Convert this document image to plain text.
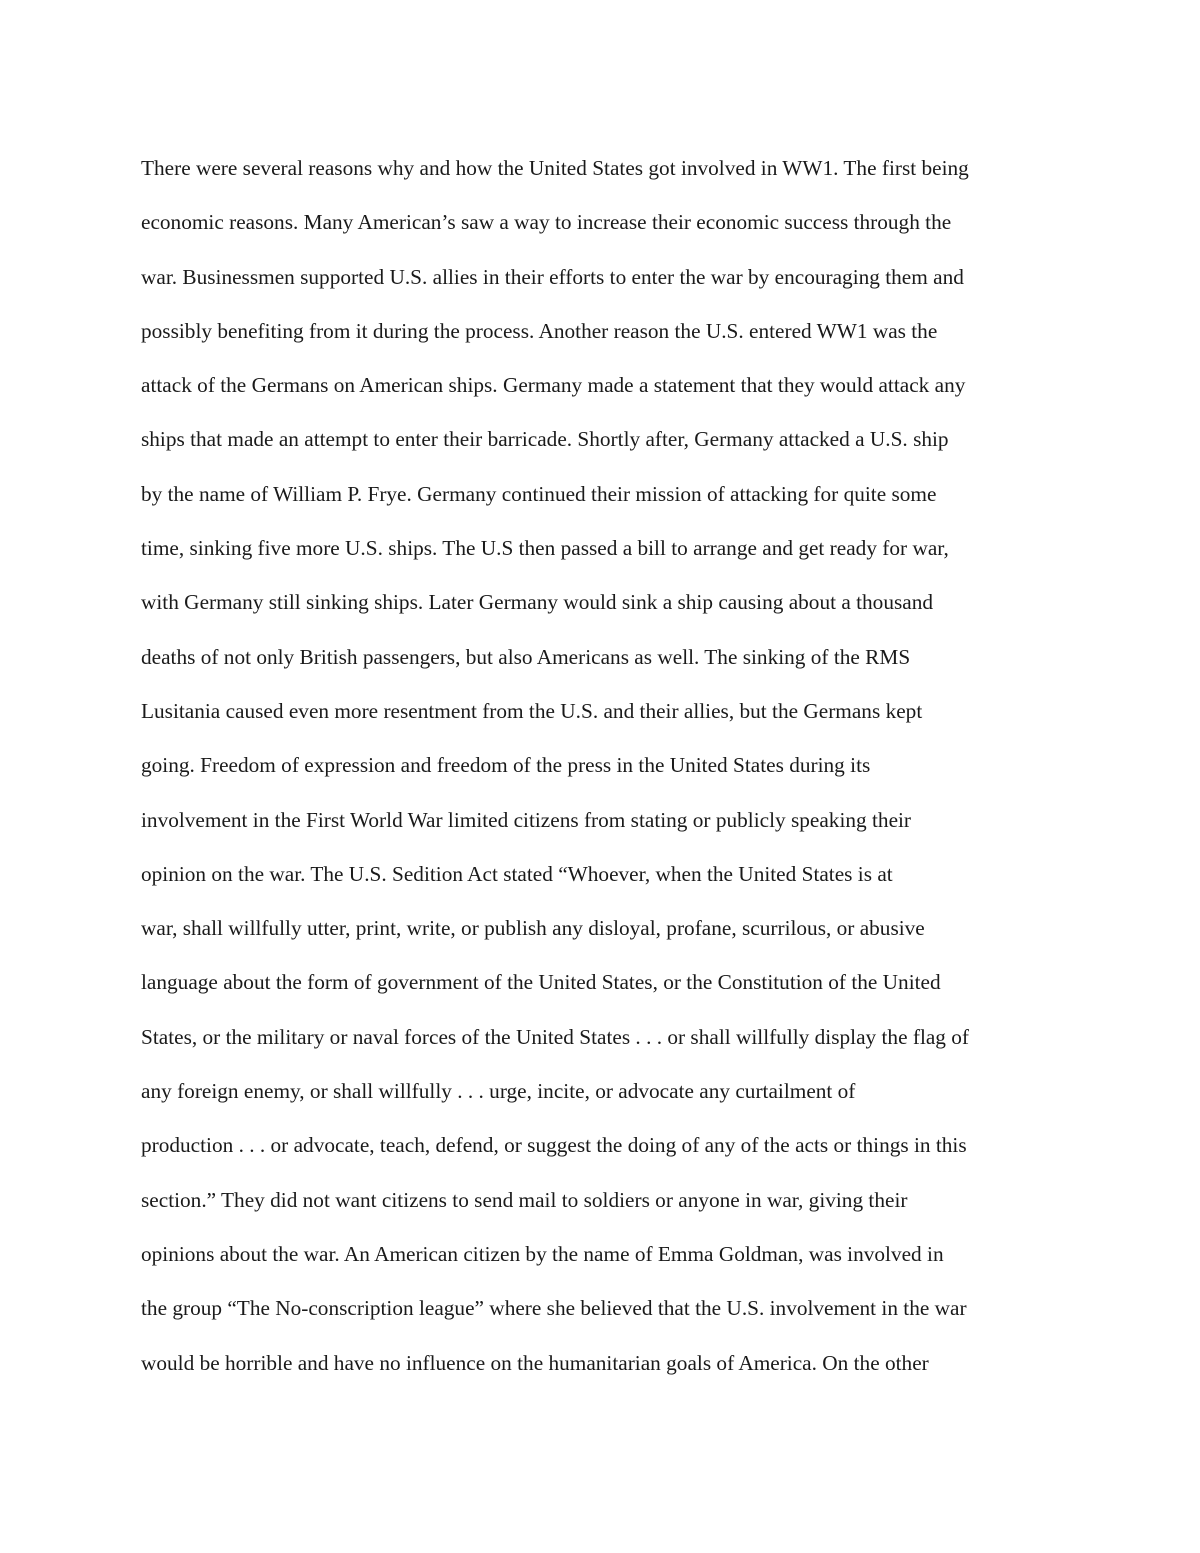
There were several reasons why and how the United States got involved in WW1. The first being
economic reasons. Many American’s saw a way to increase their economic success through the
war. Businessmen supported U.S. allies in their efforts to enter the war by encouraging them and
possibly benefiting from it during the process. Another reason the U.S. entered WW1 was the
attack of the Germans on American ships. Germany made a statement that they would attack any
ships that made an attempt to enter their barricade. Shortly after, Germany attacked a U.S. ship
by the name of William P. Frye. Germany continued their mission of attacking for quite some
time, sinking five more U.S. ships. The U.S then passed a bill to arrange and get ready for war,
with Germany still sinking ships. Later Germany would sink a ship causing about a thousand
deaths of not only British passengers, but also Americans as well. The sinking of the RMS
Lusitania caused even more resentment from the U.S. and their allies, but the Germans kept
going. Freedom of expression and freedom of the press in the United States during its
involvement in the First World War limited citizens from stating or publicly speaking their
opinion on the war. The U.S. Sedition Act stated “Whoever, when the United States is at
war, shall willfully utter, print, write, or publish any disloyal, profane, scurrilous, or abusive
language about the form of government of the United States, or the Constitution of the United
States, or the military or naval forces of the United States . . . or shall willfully display the flag of
any foreign enemy, or shall willfully . . . urge, incite, or advocate any curtailment of
production . . . or advocate, teach, defend, or suggest the doing of any of the acts or things in this
section.” They did not want citizens to send mail to soldiers or anyone in war, giving their
opinions about the war. An American citizen by the name of Emma Goldman, was involved in
the group “The No-conscription league” where she believed that the U.S. involvement in the war
would be horrible and have no influence on the humanitarian goals of America. On the other
